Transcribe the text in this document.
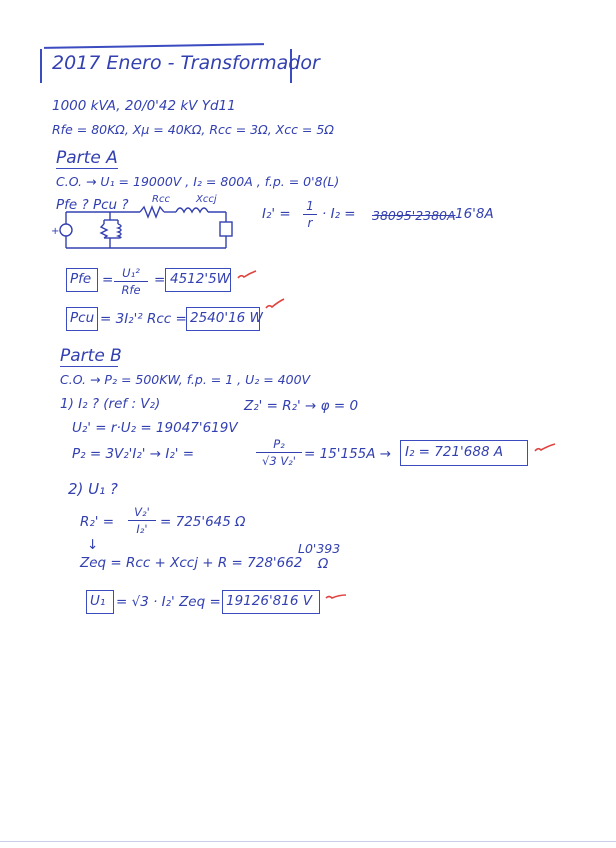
2017 Enero - Transformador
1000 kVA, 20/0'42 kV Yd11
Rfe = 80KΩ, Xμ = 40KΩ, Rcc = 3Ω, Xcc = 5Ω
Parte A
C.O. → U₁ = 19000V , I₂ = 800A , f.p. = 0'8(L)
Pfe ? Pcu ?
+
Rcc	Xccj
I₂' = 1
r
· I₂ = 38095'2380A 16'8A
Pfe = U₁²
Rfe
= 4512'5W
Pcu = 3I₂'² Rcc = 2540'16 W
Parte B
C.O. → P₂ = 500KW, f.p. = 1 , U₂ = 400V
1) I₂ ? (ref : V₂)	Z₂' = R₂' → φ = 0
U₂' = r·U₂ = 19047'619V
P₂ = 3V₂'I₂' → I₂' =
P₂
√3 V₂' = 15'155A → I₂ = 721'688 A
2) U₁ ?
R₂' =
V₂'
I₂' = 725'645 Ω
↓
Zeq = Rcc + Xccj + R = 728'662
L0'393
Ω
U₁ = √3 · I₂' Zeq = 19126'816 V
